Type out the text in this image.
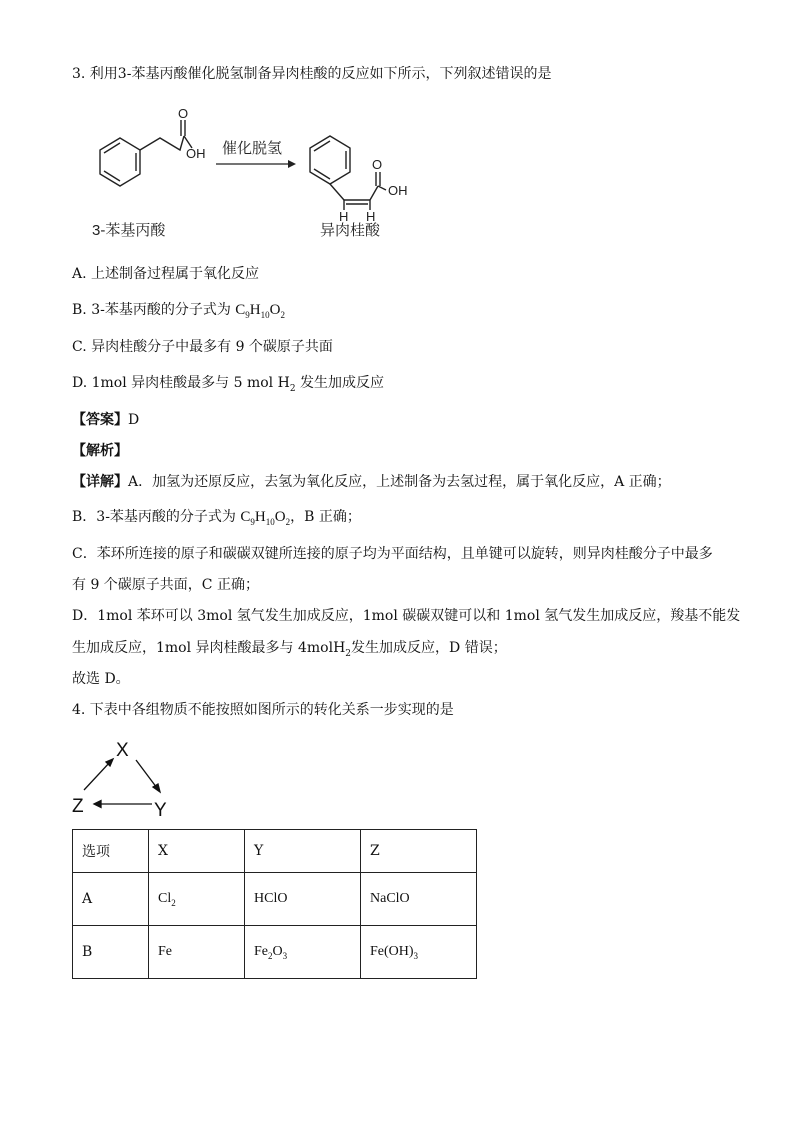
3. 利用3-苯基丙酸催化脱氢制备异肉桂酸的反应如下所示，下列叙述错误的是
O
OH 催化脱氢
O
OH
H H
3-苯基丙酸	异肉桂酸
A. 上述制备过程属于氧化反应
B. 3-苯基丙酸的分子式为 $C_9H_{10}O_2$
C. 异肉桂酸分子中最多有 9 个碳原子共面
D. 1mol 异肉桂酸最多与 5 mol $H_2$ 发生加成反应
【答案】D
【解析】
【详解】A．加氢为还原反应，去氢为氧化反应，上述制备为去氢过程，属于氧化反应，A 正确；
B．3-苯基丙酸的分子式为 $C_9H_{10}O_2$，B 正确；
C．苯环所连接的原子和碳碳双键所连接的原子均为平面结构，且单键可以旋转，则异肉桂酸分子中最多
有 9 个碳原子共面，C 正确；
D．1mol 苯环可以 3mol 氢气发生加成反应，1mol 碳碳双键可以和 1mol 氢气发生加成反应，羧基不能发
生加成反应，1mol 异肉桂酸最多与 4molH$_2$发生加成反应，D 错误；
故选 D。
4. 下表中各组物质不能按照如图所示的转化关系一步实现的是
X
Y
Z
选项	X	Y	Z
A	$Cl_2$	HClO	NaClO
B	Fe	$Fe_2O_3$	$Fe(OH)_3$
